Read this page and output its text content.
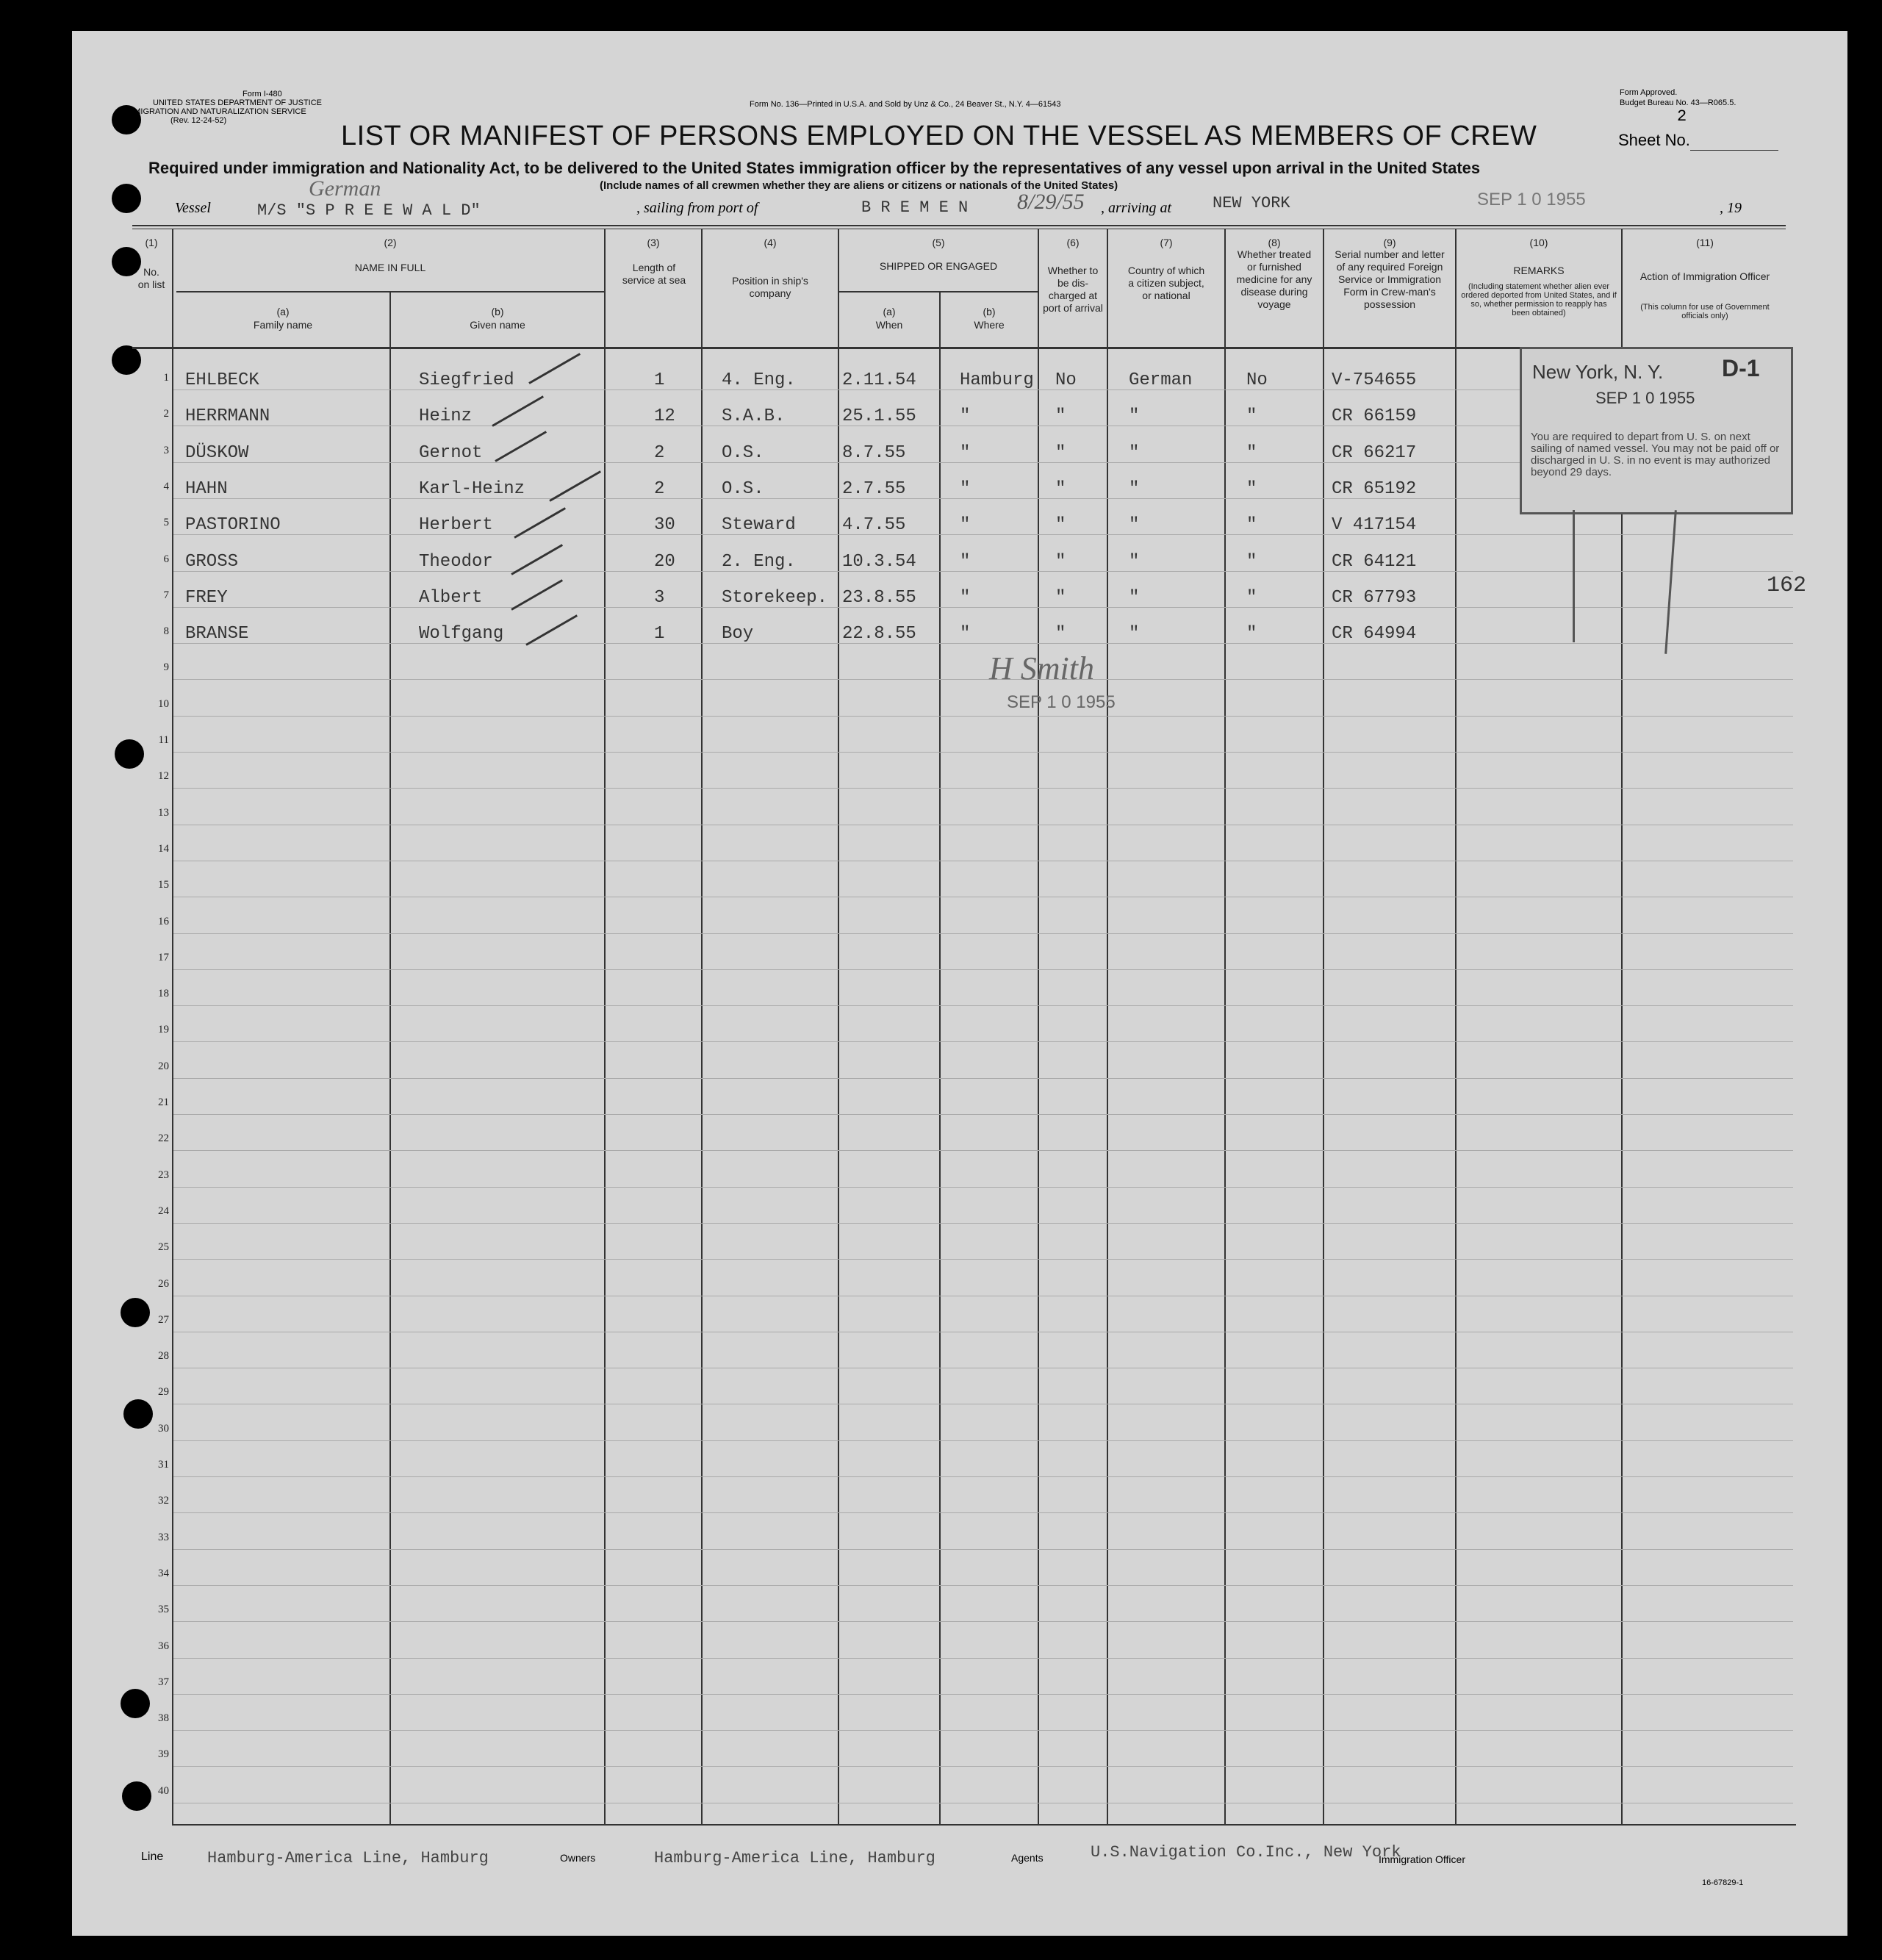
Form I-480
UNITED STATES DEPARTMENT OF JUSTICE
IMMIGRATION AND NATURALIZATION SERVICE
(Rev. 12-24-52)
Form No. 136—Printed in U.S.A. and Sold by Unz & Co., 24 Beaver St., N.Y. 4—61543
Form Approved.
Budget Bureau No. 43—R065.5.
2
Sheet No.
LIST OR MANIFEST OF PERSONS EMPLOYED ON THE VESSEL AS MEMBERS OF CREW
Required under immigration and Nationality Act, to be delivered to the United States immigration officer by the representatives of any vessel upon arrival in the United States
(Include names of all crewmen whether they are aliens or citizens or nationals of the United States)
Vessel	M/S "S P R E E W A L D"
German
, sailing from port of	B R E M E N 8/29/55 , arriving at	NEW YORK	SEP 1 0 1955	, 19
(1)
No. on list
(2)
NAME IN FULL
(a)
Family name
(b)
Given name
(3)
Length of service at sea
(4)
Position in ship's company
(5)
SHIPPED OR ENGAGED
(a)
When
(b)
Where
(6)
Whether to be dis-charged at port of arrival
(7)
Country of which a citizen subject, or national
(8)
Whether treated or furnished medicine for any disease during voyage
(9)
Serial number and letter of any required Foreign Service or Immigration Form in Crew-man's possession
(10)
REMARKS
(Including statement whether alien ever ordered deported from United States, and if so, whether permission to reapply has been obtained)
(11)
Action of Immigration Officer
(This column for use of Government officials only)
1
2
3
4
5
6
7
8
9
10
11
12
13
14
15
16
17
18
19
20
21
22
23
24
25
26
27
28
29
30
31
32
33
34
35
36
37
38
39
40
EHLBECK	Siegfried	1	4. Eng.	2.11.54 Hamburg No	German	No	V-754655
HERRMANN	Heinz	12	S.A.B.	25.1.55 "	"	"	"	CR 66159
DÜSKOW	Gernot	2	O.S.	8.7.55	"	"	"	"	CR 66217
HAHN	Karl-Heinz	2	O.S.	2.7.55	"	"	"	"	CR 65192
PASTORINO	Herbert	30	Steward	4.7.55	"	"	"	"	V 417154
GROSS	Theodor	20	2. Eng.	10.3.54 "	"	"	"	CR 64121
FREY	Albert	3	Storekeep. 23.8.55 "	"	"	"	CR 67793
BRANSE	Wolfgang	1	Boy	22.8.55 "	"	"	"	CR 64994
H Smith
SEP 1 0 1955
New York, N. Y. D-1
SEP 1 0 1955
You are required to depart from U. S. on next sailing of named vessel. You may not be paid off or discharged in U. S. in no event is may authorized beyond 29 days.
162
Line	Hamburg-America Line, Hamburg	Owners	Hamburg-America Line, Hamburg	Agents	U.S.Navigation Co.Inc., New York
Immigration Officer
16-67829-1
